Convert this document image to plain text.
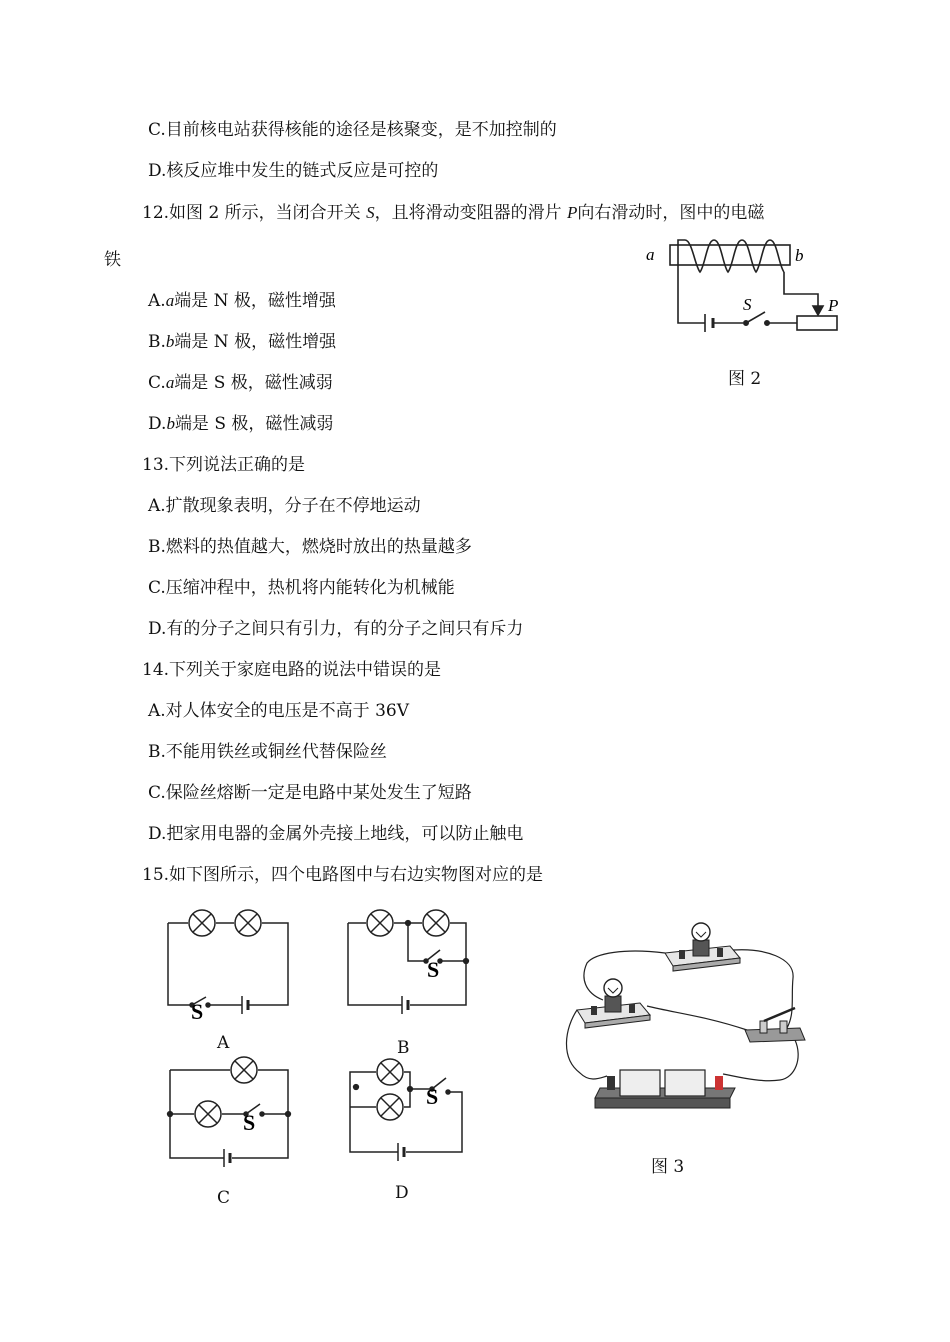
C.目前核电站获得核能的途径是核聚变，是不加控制的
D.核反应堆中发生的链式反应是可控的
12.如图 2 所示，当闭合开关 S，且将滑动变阻器的滑片 P向右滑动时，图中的电磁
铁
A.a端是 N 极，磁性增强
B.b端是 N 极，磁性增强
C.a端是 S 极，磁性减弱
D.b端是 S 极，磁性减弱
a	b
S	P
图 2
13.下列说法正确的是
A.扩散现象表明，分子在不停地运动
B.燃料的热值越大，燃烧时放出的热量越多
C.压缩冲程中，热机将内能转化为机械能
D.有的分子之间只有引力，有的分子之间只有斥力
14.下列关于家庭电路的说法中错误的是
A.对人体安全的电压是不高于 36V
B.不能用铁丝或铜丝代替保险丝
C.保险丝熔断一定是电路中某处发生了短路
D.把家用电器的金属外壳接上地线，可以防止触电
15.如下图所示，四个电路图中与右边实物图对应的是
S
A
S
B
S
C
S
D
图 3
